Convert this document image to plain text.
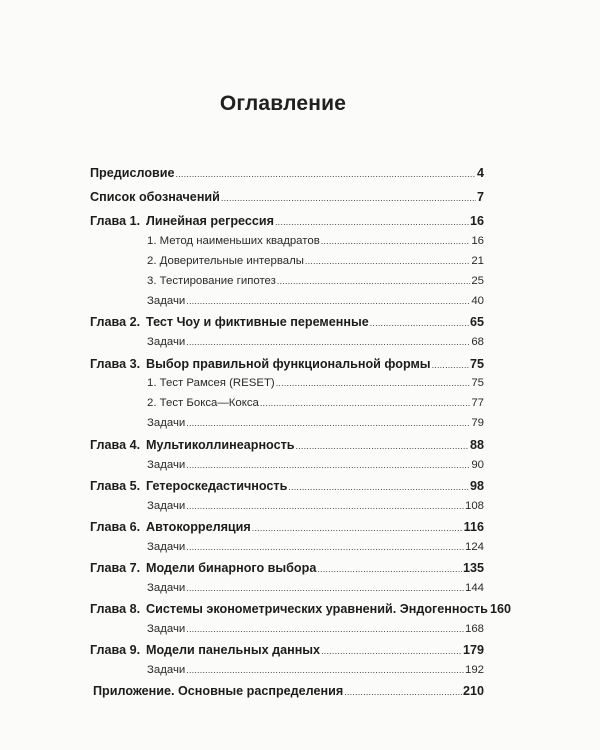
Оглавление
Предисловие .....	4
Список обозначений .....	7
Глава 1. Линейная регрессия .....	16
1. Метод наименьших квадратов .....	16
2. Доверительные интервалы .....	21
3. Тестирование гипотез .....	25
Задачи .....	40
Глава 2. Тест Чоу и фиктивные переменные .....	65
Задачи .....	68
Глава 3. Выбор правильной функциональной формы .....	75
1. Тест Рамсея (RESET) .....	75
2. Тест Бокса—Кокса .....	77
Задачи .....	79
Глава 4. Мультиколлинеарность .....	88
Задачи .....	90
Глава 5. Гетероскедастичность .....	98
Задачи .....	108
Глава 6. Автокорреляция .....	116
Задачи .....	124
Глава 7. Модели бинарного выбора .....	135
Задачи .....	144
Глава 8. Системы эконометрических уравнений. Эндогенность 160
Задачи .....	168
Глава 9. Модели панельных данных .....	179
Задачи .....	192
Приложение. Основные распределения .....	210
